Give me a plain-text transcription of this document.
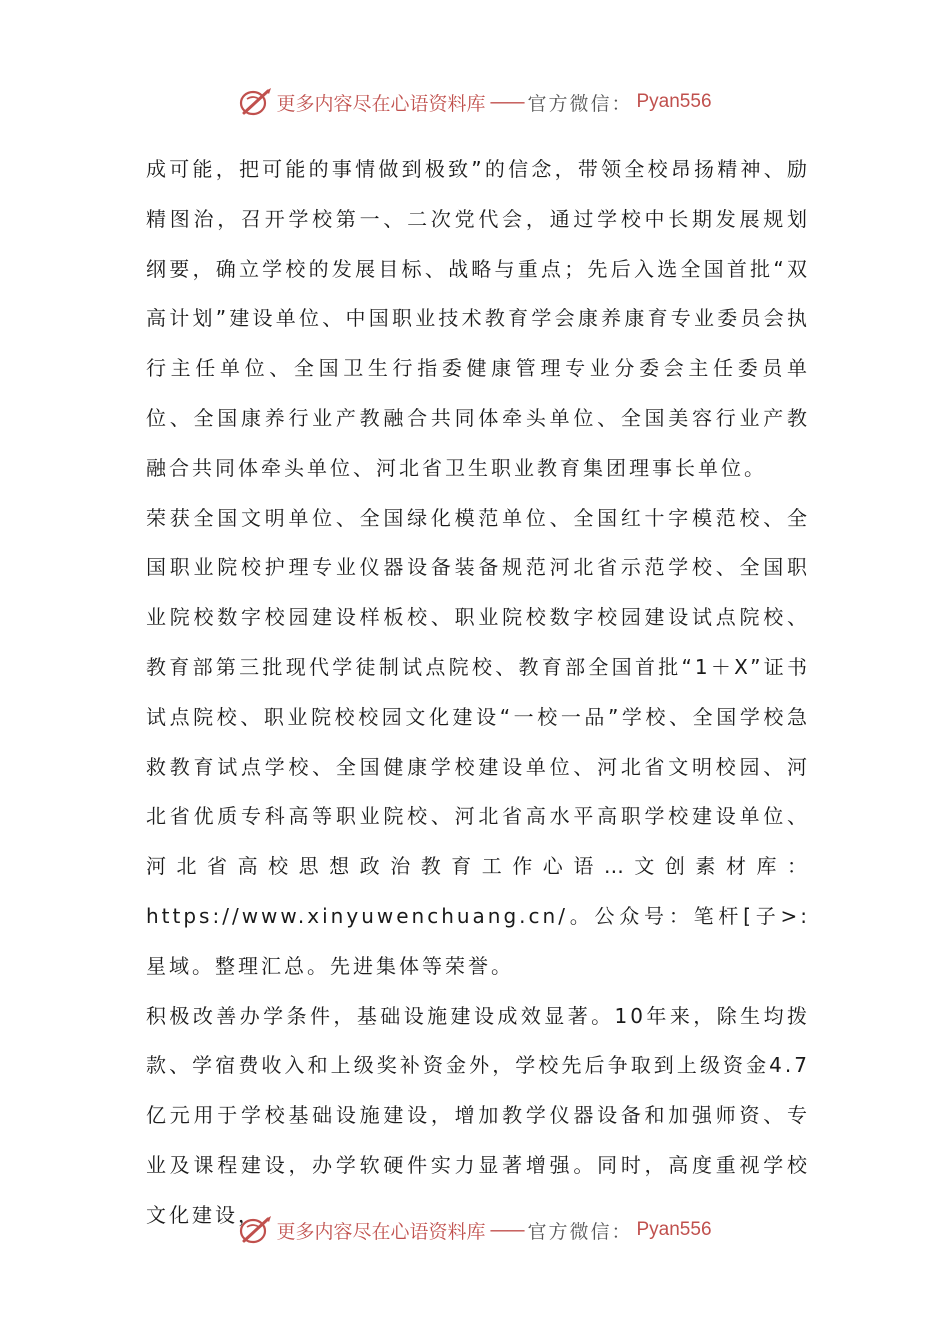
更多内容尽在心语资料库 —— 官方微信： Pyan556

成可能，把可能的事情做到极致”的信念，带领全校昂扬精神、励精图治，召开学校第一、二次党代会，通过学校中长期发展规划纲要，确立学校的发展目标、战略与重点；先后入选全国首批“双高计划”建设单位、中国职业技术教育学会康养康育专业委员会执行主任单位、全国卫生行指委健康管理专业分委会主任委员单位、全国康养行业产教融合共同体牵头单位、全国美容行业产教融合共同体牵头单位、河北省卫生职业教育集团理事长单位。

荣获全国文明单位、全国绿化模范单位、全国红十字模范校、全国职业院校护理专业仪器设备装备规范河北省示范学校、全国职业院校数字校园建设样板校、职业院校数字校园建设试点院校、教育部第三批现代学徒制试点院校、教育部全国首批“1＋X”证书试点院校、职业院校校园文化建设“一校一品”学校、全国学校急救教育试点学校、全国健康学校建设单位、河北省文明校园、河北省优质专科高等职业院校、河北省高水平高职学校建设单位、河北省高校思想政治教育工作心语…文创素材库：https://www.xinyuwenchuang.cn/。公众号：笔杆[子>:星域。整理汇总。先进集体等荣誉。

积极改善办学条件，基础设施建设成效显著。10年来，除生均拨款、学宿费收入和上级奖补资金外，学校先后争取到上级资金4.7亿元用于学校基础设施建设，增加教学仪器设备和加强师资、专业及课程建设，办学软硬件实力显著增强。同时，高度重视学校文化建设，

更多内容尽在心语资料库 —— 官方微信： Pyan556
